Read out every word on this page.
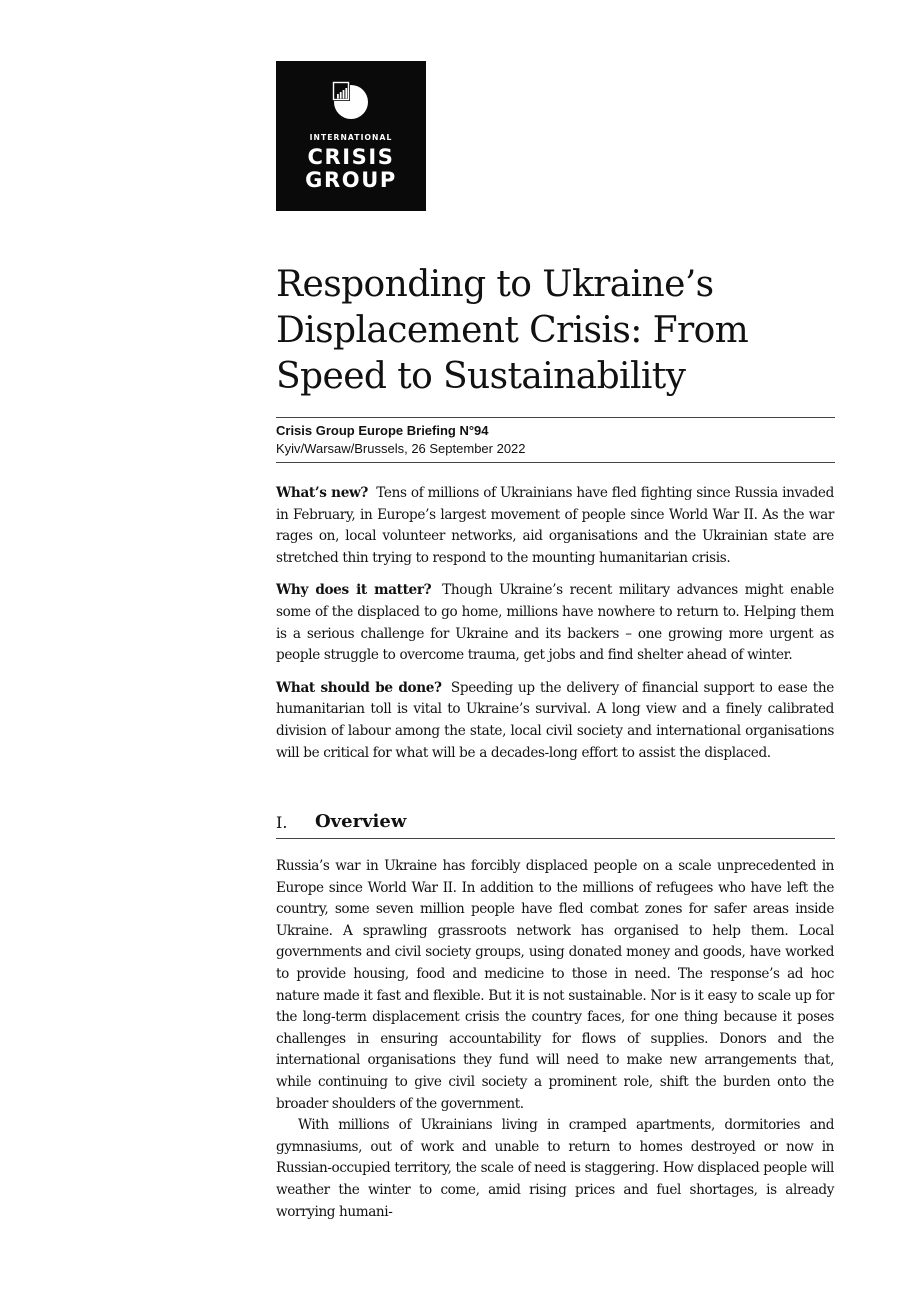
INTERNATIONAL
CRISIS
GROUP
Responding to Ukraine’s Displacement Crisis: From Speed to Sustainability
Crisis Group Europe Briefing N°94
Kyiv/Warsaw/Brussels, 26 September 2022

What’s new? Tens of millions of Ukrainians have fled fighting since Russia invaded in February, in Europe’s largest movement of people since World War II. As the war rages on, local volunteer networks, aid organisations and the Ukrainian state are stretched thin trying to respond to the mounting humanitarian crisis.

Why does it matter? Though Ukraine’s recent military advances might enable some of the displaced to go home, millions have nowhere to return to. Helping them is a serious challenge for Ukraine and its backers – one growing more urgent as people struggle to overcome trauma, get jobs and find shelter ahead of winter.

What should be done? Speeding up the delivery of financial support to ease the humanitarian toll is vital to Ukraine’s survival. A long view and a finely calibrated division of labour among the state, local civil society and international organisations will be critical for what will be a decades-long effort to assist the displaced.

I. Overview

Russia’s war in Ukraine has forcibly displaced people on a scale unprecedented in Europe since World War II. In addition to the millions of refugees who have left the country, some seven million people have fled combat zones for safer areas inside Ukraine. A sprawling grassroots network has organised to help them. Local governments and civil society groups, using donated money and goods, have worked to provide housing, food and medicine to those in need. The response’s ad hoc nature made it fast and flexible. But it is not sustainable. Nor is it easy to scale up for the long-term displacement crisis the country faces, for one thing because it poses challenges in ensuring accountability for flows of supplies. Donors and the international organisations they fund will need to make new arrangements that, while continuing to give civil society a prominent role, shift the burden onto the broader shoulders of the government.

With millions of Ukrainians living in cramped apartments, dormitories and gymnasiums, out of work and unable to return to homes destroyed or now in Russian-occupied territory, the scale of need is staggering. How displaced people will weather the winter to come, amid rising prices and fuel shortages, is already worrying humani-
